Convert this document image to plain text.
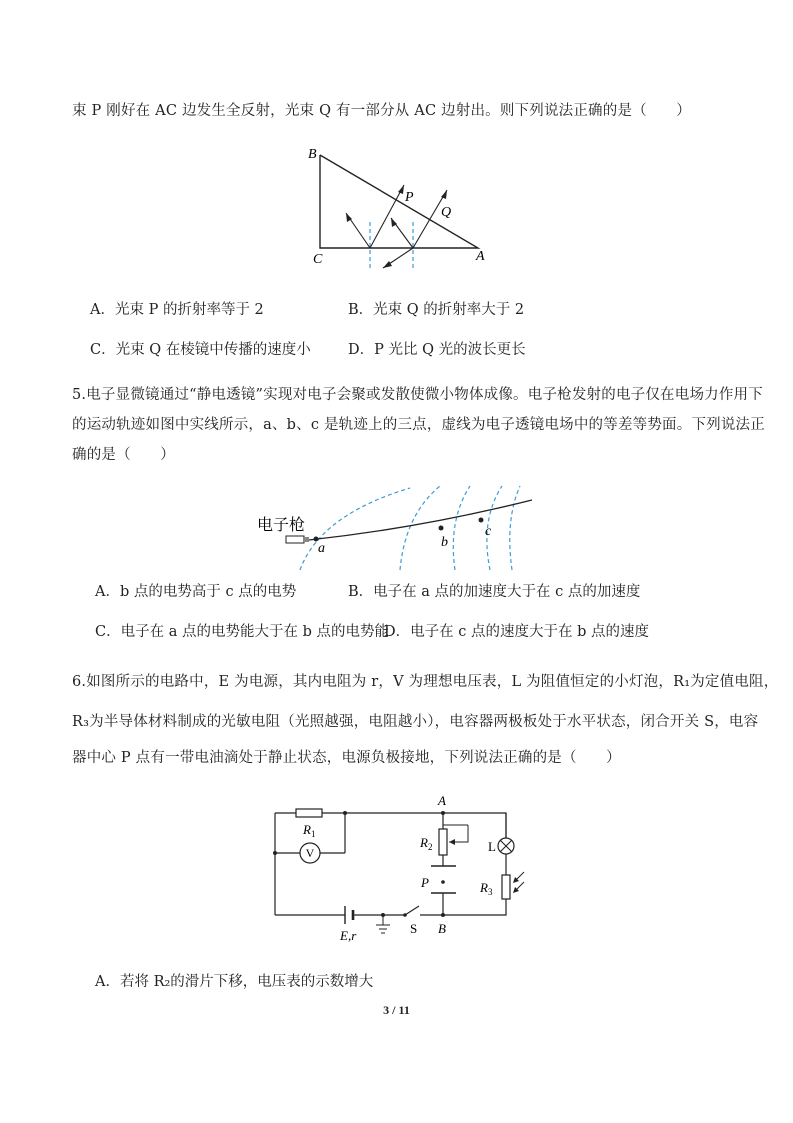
束 P 刚好在 AC 边发生全反射，光束 Q 有一部分从 AC 边射出。则下列说法正确的是（　　）
B
C	A
P
Q
A．光束 P 的折射率等于 2	B．光束 Q 的折射率大于 2
C．光束 Q 在棱镜中传播的速度小	D．P 光比 Q 光的波长更长
5.电子显微镜通过“静电透镜”实现对电子会聚或发散使微小物体成像。电子枪发射的电子仅在电场力作用下
的运动轨迹如图中实线所示，a、b、c 是轨迹上的三点，虚线为电子透镜电场中的等差等势面。下列说法正
确的是（　　）
电子枪
a	b
c
A．b 点的电势高于 c 点的电势	B．电子在 a 点的加速度大于在 c 点的加速度
C．电子在 a 点的电势能大于在 b 点的电势能
D．电子在 c 点的速度大于在 b 点的速度
6.如图所示的电路中，E 为电源，其内电阻为 r，V 为理想电压表，L 为阻值恒定的小灯泡，R₁为定值电阻，
R₃为半导体材料制成的光敏电阻（光照越强，电阻越小），电容器两极板处于水平状态，闭合开关 S，电容
器中心 P 点有一带电油滴处于静止状态，电源负极接地，下列说法正确的是（　　）
A
B
$R_1$
V
$R_2$	L
P	$R_3$
S
E,r
A．若将 R₂的滑片下移，电压表的示数增大
3 / 11
